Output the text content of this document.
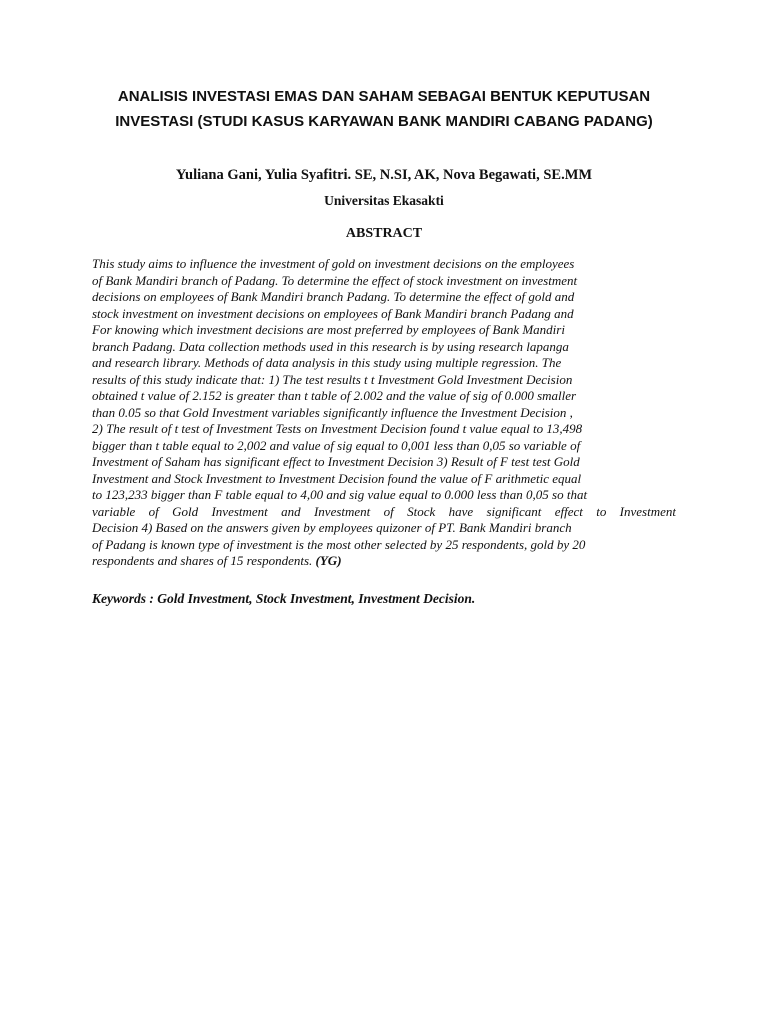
ANALISIS INVESTASI EMAS DAN SAHAM SEBAGAI BENTUK KEPUTUSAN
INVESTASI (STUDI KASUS KARYAWAN BANK MANDIRI CABANG PADANG)

Yuliana Gani, Yulia Syafitri. SE, N.SI, AK, Nova Begawati, SE.MM

Universitas Ekasakti

ABSTRACT
This study aims to influence the investment of gold on investment decisions on the employees
of Bank Mandiri branch of Padang. To determine the effect of stock investment on investment
decisions on employees of Bank Mandiri branch Padang. To determine the effect of gold and
stock investment on investment decisions on employees of Bank Mandiri branch Padang and
For knowing which investment decisions are most preferred by employees of Bank Mandiri
branch Padang. Data collection methods used in this research is by using research lapanga
and research library. Methods of data analysis in this study using multiple regression. The
results of this study indicate that: 1) The test results t t Investment Gold Investment Decision
obtained t value of 2.152 is greater than t table of 2.002 and the value of sig of 0.000 smaller
than 0.05 so that Gold Investment variables significantly influence the Investment Decision ,
2) The result of t test of Investment Tests on Investment Decision found t value equal to 13,498
bigger than t table equal to 2,002 and value of sig equal to 0,001 less than 0,05 so variable of
Investment of Saham has significant effect to Investment Decision 3) Result of F test test Gold
Investment and Stock Investment to Investment Decision found the value of F arithmetic equal
to 123,233 bigger than F table equal to 4,00 and sig value equal to 0.000 less than 0,05 so that
variable of Gold Investment and Investment of Stock have significant effect to Investment
Decision 4) Based on the answers given by employees quizoner of PT. Bank Mandiri branch
of Padang is known type of investment is the most other selected by 25 respondents, gold by 20
respondents and shares of 15 respondents. (YG)

Keywords : Gold Investment, Stock Investment, Investment Decision.
